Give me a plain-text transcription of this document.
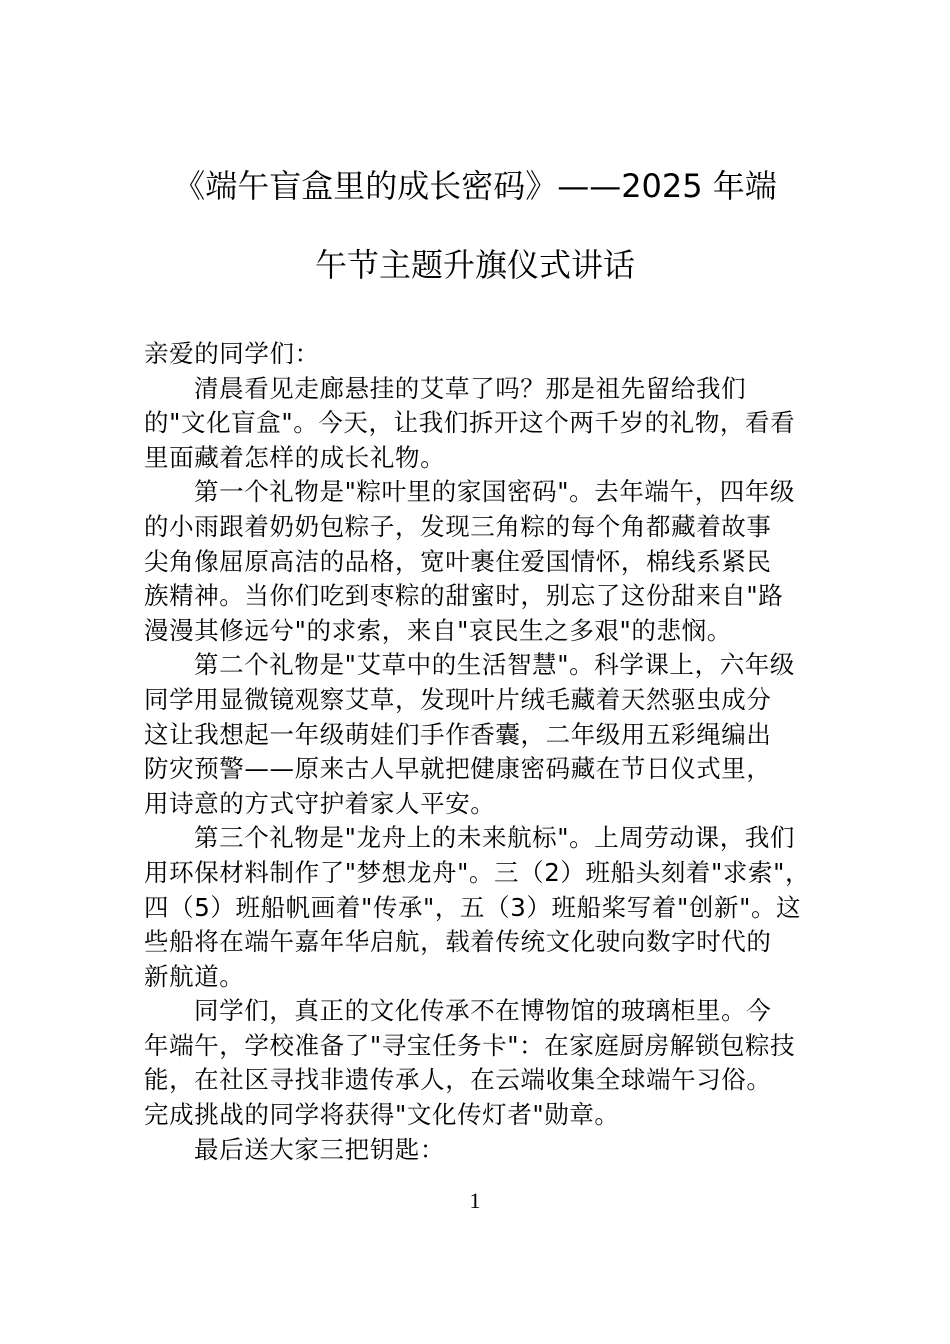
《端午盲盒里的成长密码》——2025 年端
午节主题升旗仪式讲话
亲爱的同学们：
清晨看见走廊悬挂的艾草了吗？那是祖先留给我们
的"文化盲盒"。今天，让我们拆开这个两千岁的礼物，看看
里面藏着怎样的成长礼物。
第一个礼物是"粽叶里的家国密码"。去年端午，四年级
的小雨跟着奶奶包粽子，发现三角粽的每个角都藏着故事
尖角像屈原高洁的品格，宽叶裹住爱国情怀，棉线系紧民
族精神。当你们吃到枣粽的甜蜜时，别忘了这份甜来自"路
漫漫其修远兮"的求索，来自"哀民生之多艰"的悲悯。
第二个礼物是"艾草中的生活智慧"。科学课上，六年级
同学用显微镜观察艾草，发现叶片绒毛藏着天然驱虫成分
这让我想起一年级萌娃们手作香囊，二年级用五彩绳编出
防灾预警——原来古人早就把健康密码藏在节日仪式里，
用诗意的方式守护着家人平安。
第三个礼物是"龙舟上的未来航标"。上周劳动课，我们
用环保材料制作了"梦想龙舟"。三（2）班船头刻着"求索"，
四（5）班船帆画着"传承"，五（3）班船桨写着"创新"。这
些船将在端午嘉年华启航，载着传统文化驶向数字时代的
新航道。
同学们，真正的文化传承不在博物馆的玻璃柜里。今
年端午，学校准备了"寻宝任务卡"：在家庭厨房解锁包粽技
能，在社区寻找非遗传承人，在云端收集全球端午习俗。
完成挑战的同学将获得"文化传灯者"勋章。
最后送大家三把钥匙：
1
